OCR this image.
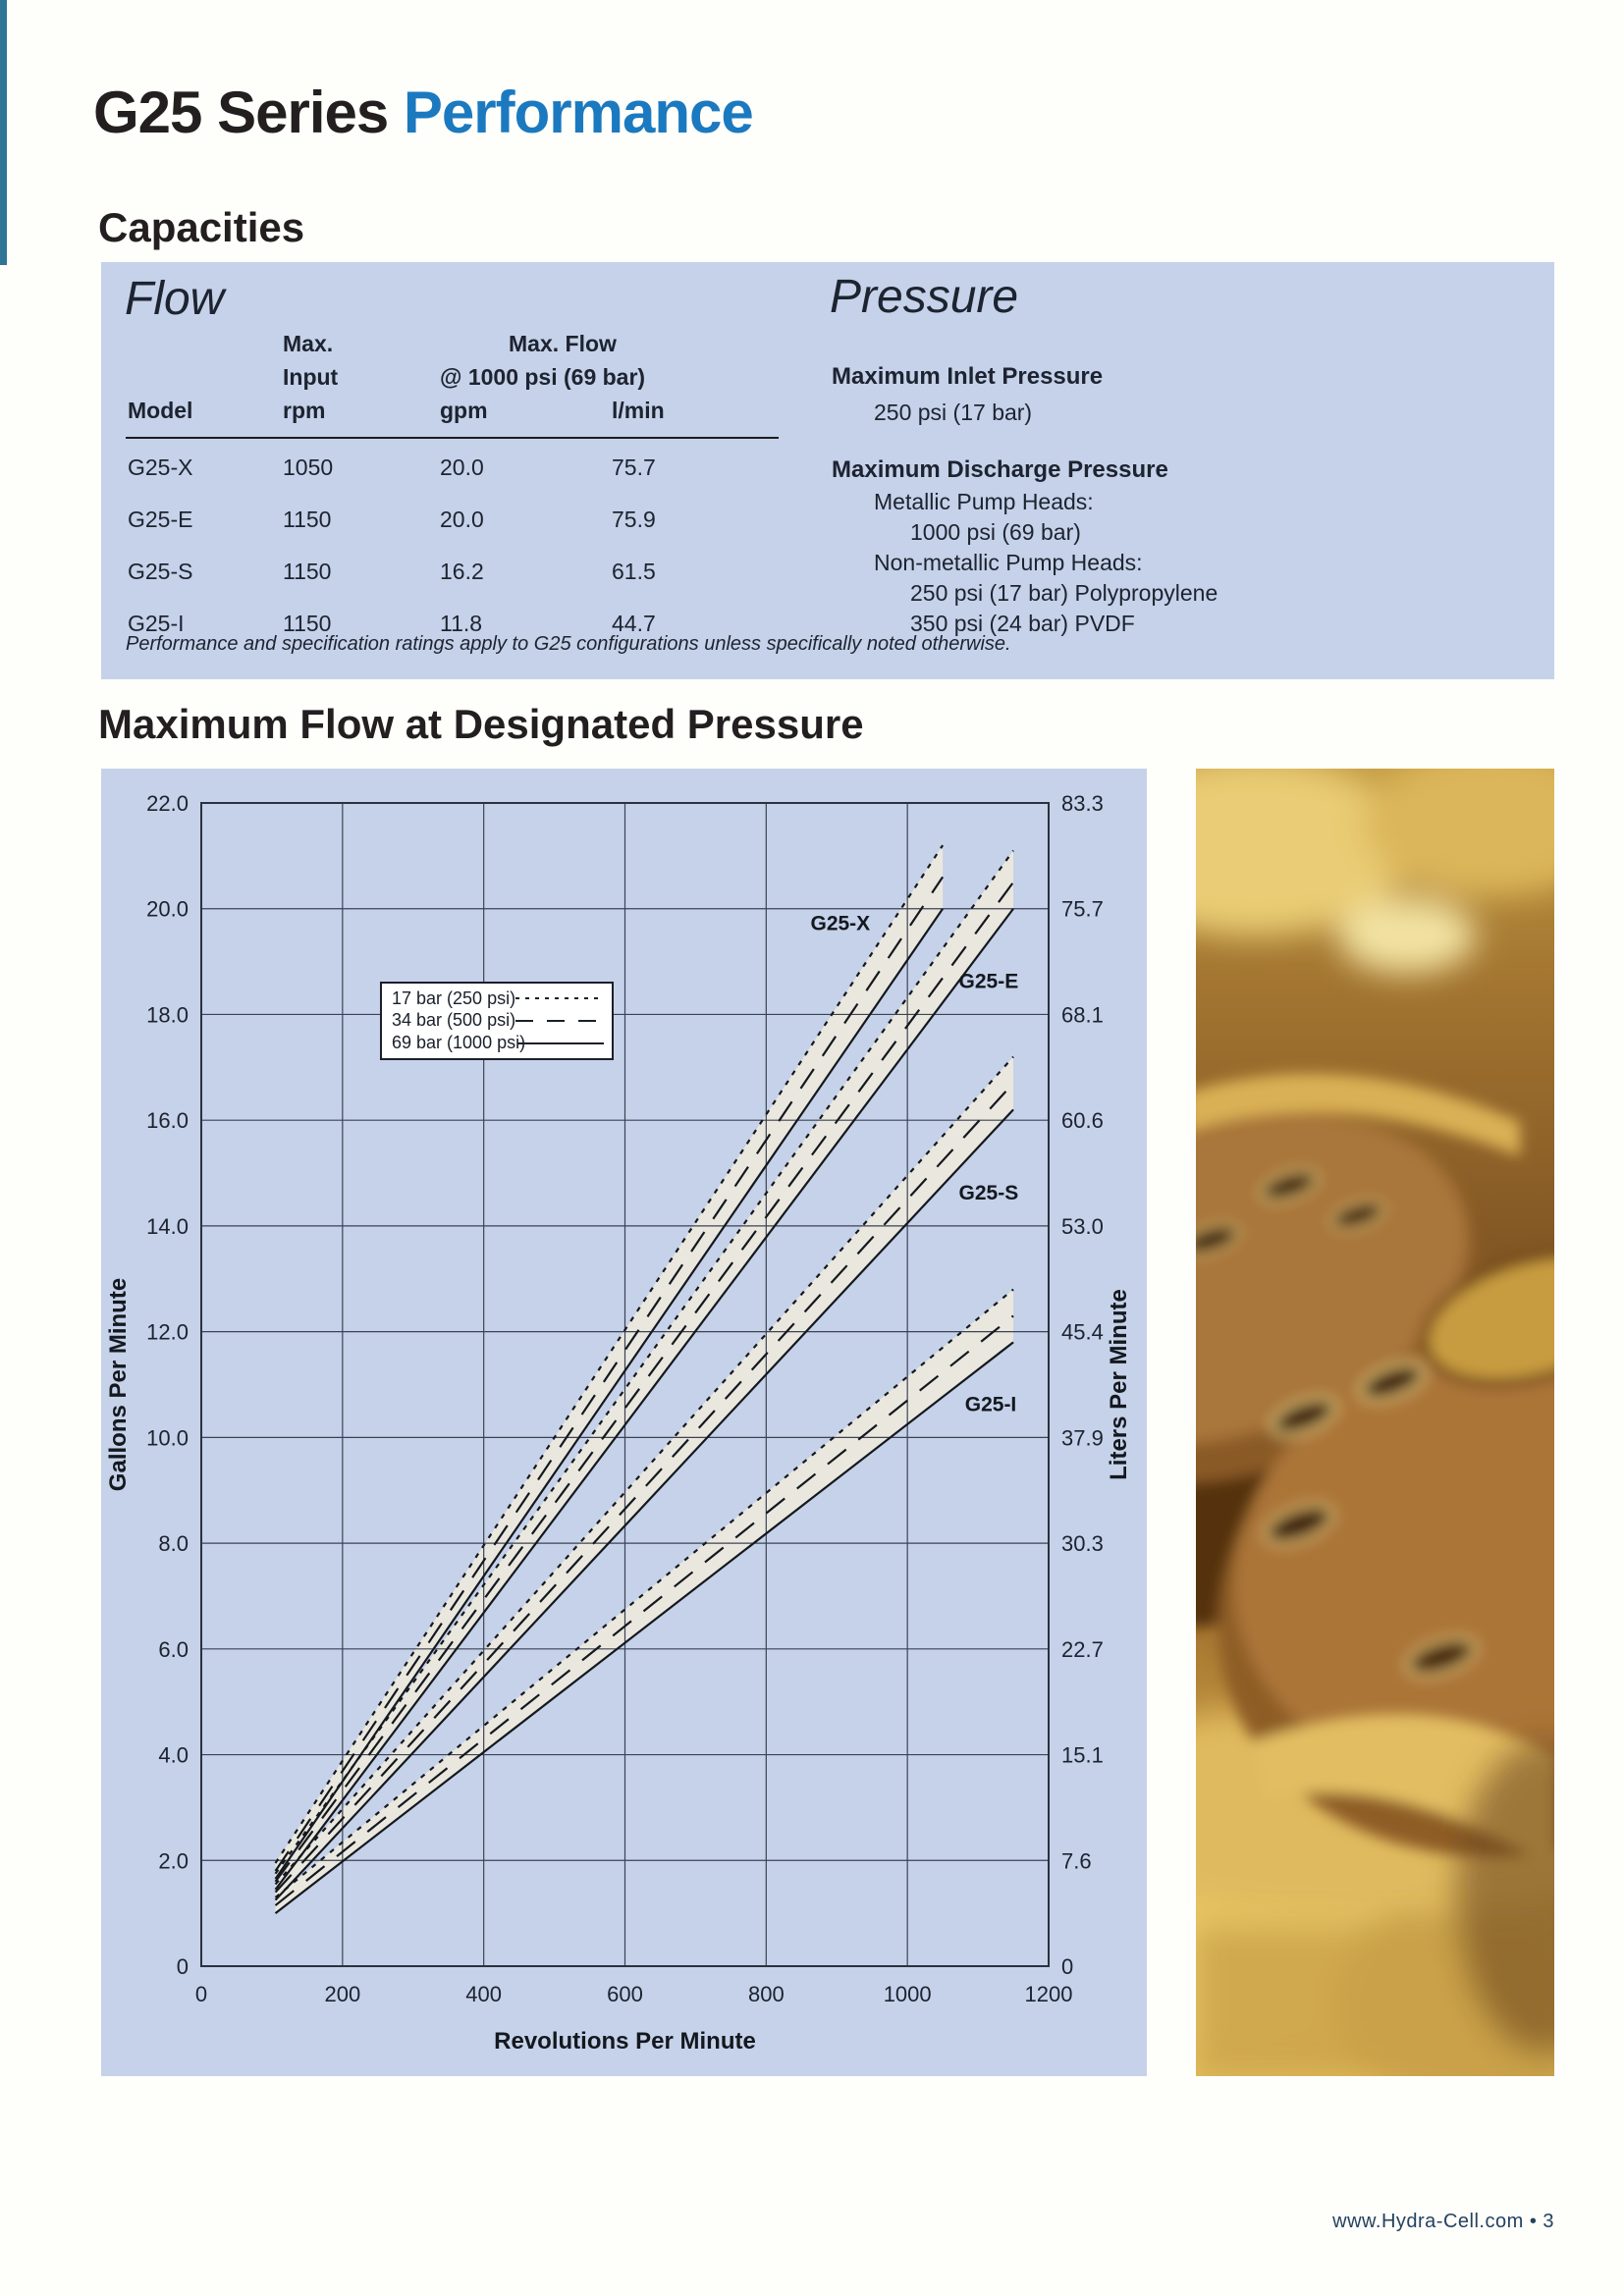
G25 Series Performance
Capacities
Flow
Max.	Max. Flow
Input	@ 1000 psi (69 bar)
Model	rpm	gpm	l/min
G25-X	1050	20.0	75.7
G25-E	1150	20.0	75.9
G25-S	1150	16.2	61.5
G25-I	1150	11.8	44.7
Pressure
Maximum Inlet Pressure
250 psi (17 bar)
Maximum Discharge Pressure
Metallic Pump Heads:
1000 psi (69 bar)
Non-metallic Pump Heads:
250 psi (17 bar) Polypropylene
350 psi (24 bar) PVDF
Performance and specification ratings apply to G25 configurations unless specifically noted otherwise.
Maximum Flow at Designated Pressure
0	200	400	600	800	1000	1200
22.0	83.3
20.0	75.7
18.0	68.1
16.0	60.6
14.0	53.0
12.0	45.4
10.0	37.9
8.0	30.3
6.0	22.7
4.0	15.1
2.0	7.6
0	0
G25-X
G25-E
G25-S
G25-I
Revolutions Per Minute
Gallons Per Minute	Liters Per Minute
17 bar (250 psi)
34 bar (500 psi)
69 bar (1000 psi)
www.Hydra-Cell.com • 3
